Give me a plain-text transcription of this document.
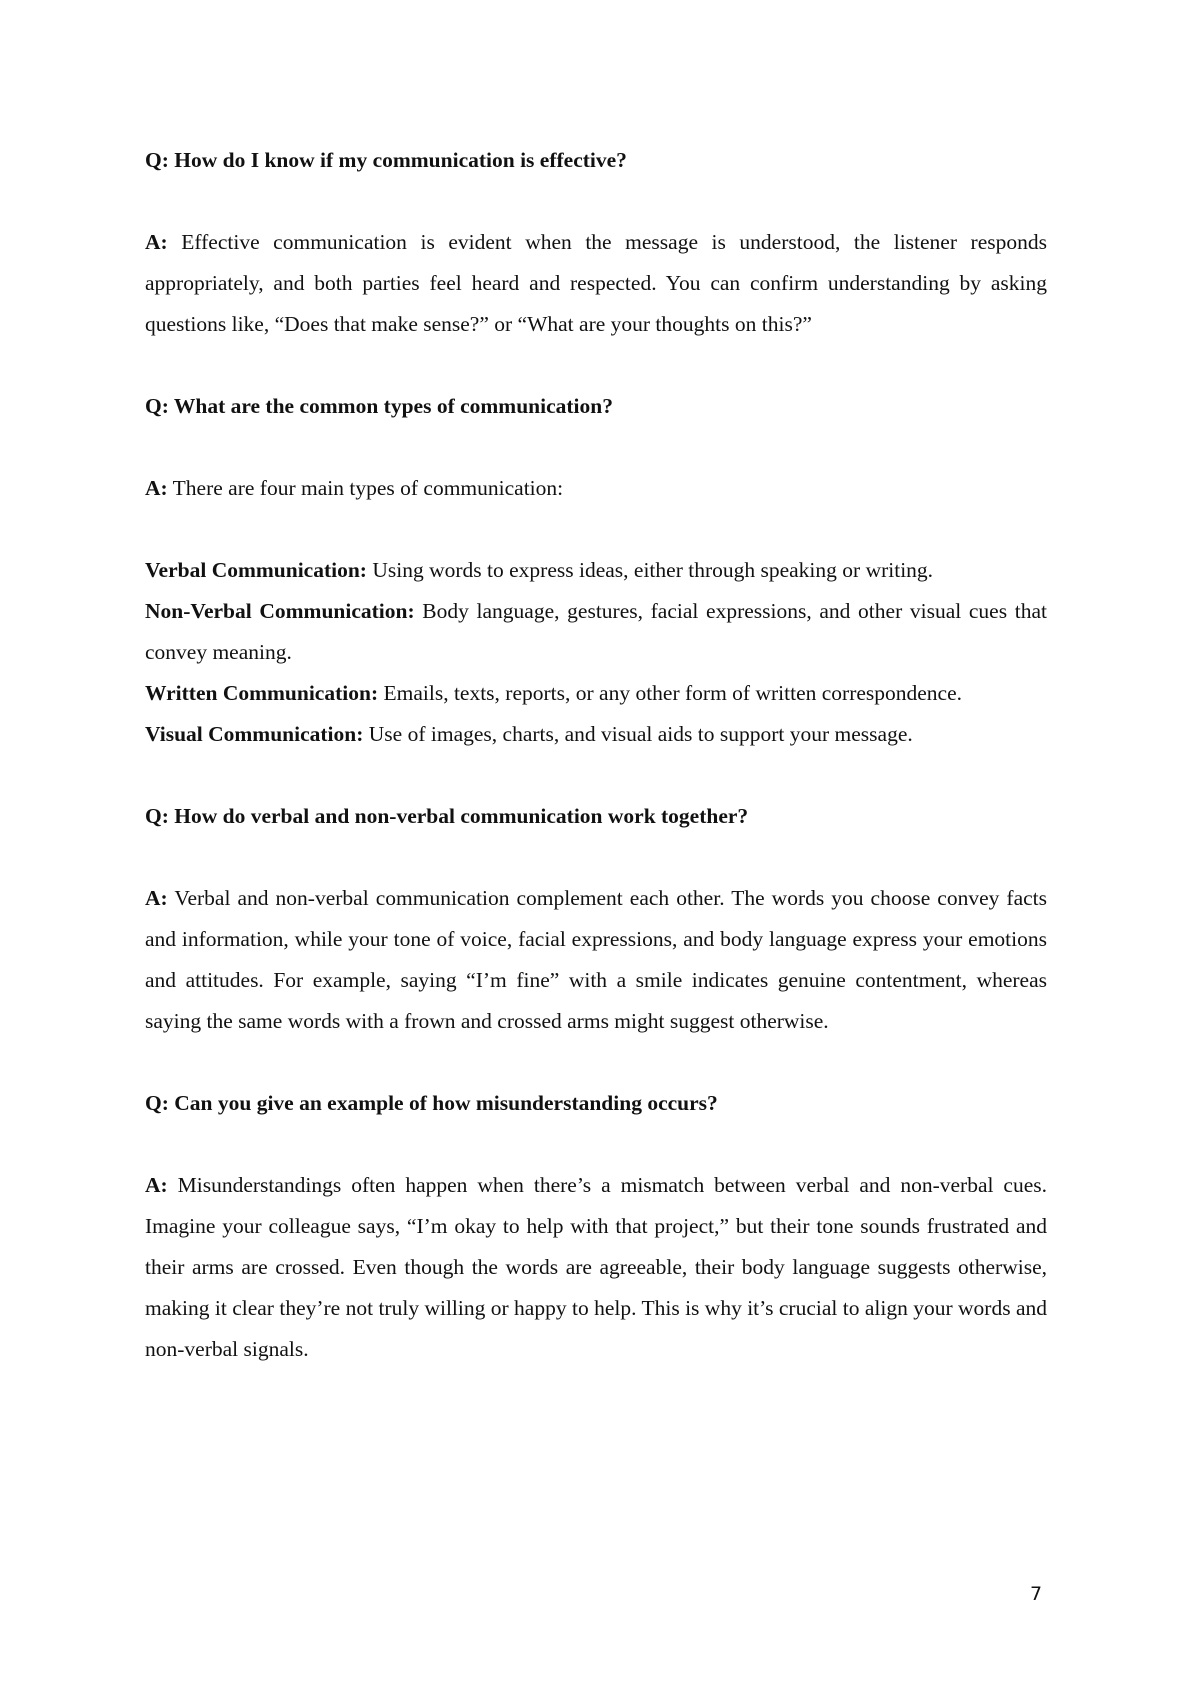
Q: How do I know if my communication is effective?

A: Effective communication is evident when the message is understood, the listener responds appropriately, and both parties feel heard and respected. You can confirm understanding by asking questions like, “Does that make sense?” or “What are your thoughts on this?”

Q: What are the common types of communication?

A: There are four main types of communication:

Verbal Communication: Using words to express ideas, either through speaking or writing.

Non-Verbal Communication: Body language, gestures, facial expressions, and other visual cues that convey meaning.

Written Communication: Emails, texts, reports, or any other form of written correspondence.

Visual Communication: Use of images, charts, and visual aids to support your message.

Q: How do verbal and non-verbal communication work together?

A: Verbal and non-verbal communication complement each other. The words you choose convey facts and information, while your tone of voice, facial expressions, and body language express your emotions and attitudes. For example, saying “I’m fine” with a smile indicates genuine contentment, whereas saying the same words with a frown and crossed arms might suggest otherwise.

Q: Can you give an example of how misunderstanding occurs?

A: Misunderstandings often happen when there’s a mismatch between verbal and non-verbal cues. Imagine your colleague says, “I’m okay to help with that project,” but their tone sounds frustrated and their arms are crossed. Even though the words are agreeable, their body language suggests otherwise, making it clear they’re not truly willing or happy to help. This is why it’s crucial to align your words and non-verbal signals.

7
